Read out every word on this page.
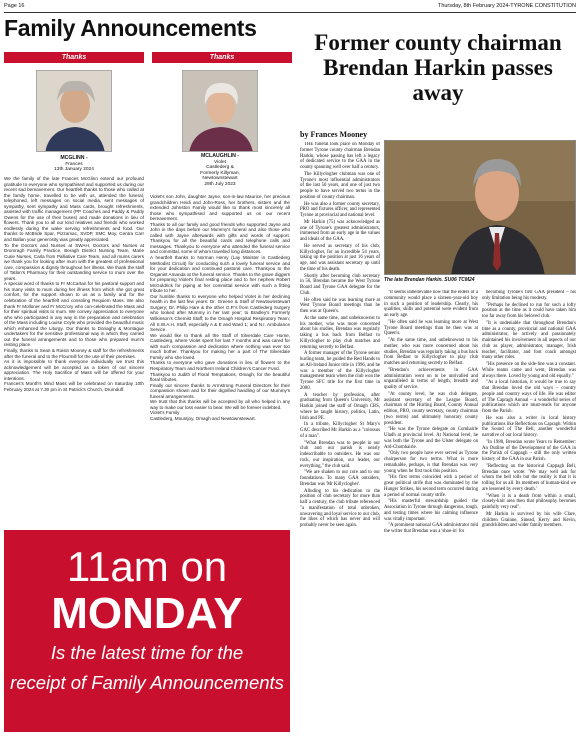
Page 16	Thursday, 8th February 2024-TYRONE CONSTITUTION
Family Announcements
Thanks	Thanks
MCGLINN -
Frances
13th January 2024

We the family of the late Frances McGlinn extend our profound gratitude to everyone who sympathised and supported us during our recent sad bereavement. Our heartfelt thanks to those who called at the family home, travelled to be with us, attended the funeral, telephoned, left messages on social media, sent messages of sympathy, sent sympathy and Mass cards, brought refreshments, assisted with traffic management (PP Coaches and Paddy & Paddy Owens for the use of their buses) and made donations in lieu of flowers. Thank you to all our kind relatives and friends who worked endlessly during the wake serving refreshments and food. Our thanks to McBride Spar, Pizzamac, SVDP, SMC Moy, Centra Carr and Ballan your generosity was greatly appreciated.

To the Doctors and Nurses at SWAH, Doctors and Nurses at Drumragh Family Practice, Beragh District Nursing Team, Marie Curie Nurses, Carla from Palliative Care Team, and all mums carers we thank you for looking after mum with the greatest of professional care, compassion & dignity throughout her illness. We thank the staff of Tatlon's Pharmacy for their outstanding service to mum over the years.

A special word of thanks to Fr McCartan for his pastoral support and his many visits to mum during her illness from which she got great comfort, for the support shown to us as a family and for the celebration of the heartfelt and consoling Requiem Mass. We also thank Fr Molloner and Fr McCrory who con-celebrated the Mass and for their spiritual visits to mum. We convey appreciation to everyone who who participated in any way in the preparation and celebration of the Mass including Louise Coyle who provided the beautiful music which enhanced the Liturgy. Our thanks to Donaghy & Montague undertakers for the sensitive professional way in which they carried out the funeral arrangements and to those who prepared mum's resting place.

Finally, thanks to Sean & Roisin Mooney & staff for the refreshments after the funeral and to the Flourmill for the use of their premises.

As it is impossible to thank everyone individually we trust this acknowledgement will be accepted as a token of our sincere appreciation. The Holy Sacrifice of Mass will be offered for your intentions.

Frances's Month's Mind Mass will be celebrated on Saturday 10th February 2024 at 7.30 pm in St Patrick's Church, Drumduff.

MCLAUGHLIN -
Violet
Castlederg &
Formerly Killyman,
Newtownstewart
29th July 2023

Violet's son John, daughter Jayne, son-in-law Maurice, her precious grandchildren Heidi and John-Ross, her brothers, sisters and the extended Johnston Family would like to thank most sincerely all those who sympathised and supported us on our recent bereavement.

Thanks to all our family and good friends who supported Jayne and John in the days before our Mummy's funeral and also those who called with Jayne afterwards with gifts and words of support. Thankyou for all the beautiful cards and telephone calls and messages. Thankyou to everyone who attended the funeral service and committal, some of whom travelled long distances.

A heartfelt thanks to Norman Henry (Lay Minister in Castlederg Methodist Circuit) for conducting such a lovely funeral service and for your dedication and continued pastoral care. Thankyou to the Organist Amanda at the funeral service. Thanks to the grave diggers for preparing Violet's final resting place and to her nephew Robert McGoldrick for piping at her committal service with such a fitting tribute to her.

Our humble thanks to everyone who helped Violet in her declining health in the last few years: Dr. Greene & Staff of Newtownstewart Surgery; Dr. Philip Hare & the other G.P.'s from Castlederg Surgery who looked after Mummy in her last year; to Bradley's Formerly Wilkinson's Chemist Staff; to the Omagh Hospital Respiratory Team; All S.W.A.H. Staff, especially A & E and Ward 1; and N.I. Ambulance Service.

We would like to thank all the Staff of Silverdale Care Home, Castlederg, where Violet spent her last 7 months and was cared for with such compassion and dedication where nothing was ever too much bother. Thankyou for making her a part of The Silverdale Family who she loved.

Thanks to everyone who gave donations in lieu of flowers to the Respiratory Team and Northern Ireland Children's Cancer Fund.

Thankyou to Judith of Floral Temptations, Omagh, for the beautiful floral tributes.

Finally our sincere thanks to Armstrong Funeral Directors for their compassion shown and for their dignified handling of our Mummy's funeral arrangements.

We trust that this thanks will be accepted by all who helped in any way to make our loss easier to bear. We will be forever indebted.

Violet's Family

Castlederg, Mountjoy, Omagh and Newtownstewart.

11am on
MONDAY
Is the latest time for the
receipt of Family Announcements
Former county chairman Brendan Harkin passes away
by Frances Mooney

THE funeral took place on Monday of former Tyrone county chairman Brendan Harkin, whose passing has left a legacy of dedicated service to the GAA in the county spanning well over half a century.

The Killyclogher clubman was one of Tyrone's most influential administrators of the last 50 years, and one of just two people to have served two terms in the position of county chairman.

He was also a former county secretary, PRO and fixtures officer, and represented Tyrone at provincial and national level.

Mr Harkin (75) was acknowledged as one of Tyrone's greatest administrators, immersed from an early age in the values and ideals of the GAA.

He served as secretary of his club, Killyclogher, for an incredible 54 years, taking up the position at just 16 years of age, and was assistant secretary up until the time of his death.

Shortly after becoming club secretary in 56, Brendan became the West Tyrone Board and Tyrone GAA delegate for the Club.

He often said he was learning more at West Tyrone Board meetings than he then was at Queen's.

At the same time, and unbeknownst to his mother, who was more concerned about his studies, Brendan was regularly taking a bus back from Belfast to Killyclogher to play club matches and returning secretly to Belfast.

A former manager of the Tyrone senior hurling team, he guided the Red Hands to an All-Ireland Junior title in 1996, and he was a member of the Killyclogher management team when the club won the Tyrone SFC title for the first time in 2000.

A teacher by profession, after graduating from Queen's University, Mr Harkin joined the staff of Omagh CBS, where he taught history, politics, Latin, Irish and PE.

In a tribute, Killyclogher St Mary's GAC described Mr Harkin as a "colossus of a man".

"What Brendan was to people in our club and our parish is nearly indescribable to outsiders. He was our rock, our inspiration, our leader, our everything," the club said.

"We are shaken to our core and to our foundations. To many GAA outsiders, Brendan was 'Mr Killyclogher'.

Alluding to his dedication to the position of club secretary for more than half a century, the club tribute referenced "a manifestation of total unbroken, unwavering and loyal service to our club, the likes of which has never and will probably never be seen again.

The late Brendan Harkin. SU06 TCM24

"It seems unbelievable now that the elders of a community would place a sixteen-year-old boy in such a position of leadership. Clearly, his qualities, skills and potential were evident from an early age.

"He often said he was learning more at West Tyrone Board meetings than he then was at Queen's.

"At the same time, and unbeknownst to his mother, who was more concerned about his studies, Brendan was regularly taking a bus back from Belfast to Killyclogher to play club matches and returning secretly to Belfast.

"Brendan's achievements in GAA administration went on to be unrivalled and unparalleled in terms of length, breadth and quality of service.

"At county level, he was club delegate, assistant secretary of the League Board, chairman of the Hurling Board, County Annual edition, PRO, county secretary, county chairman (two terms) and ultimately honorary county president.

"He was the Tyrone delegate on Comhairle Uladh at provincial level. At National level, he was both the Tyrone and the Ulster delegate on Ard-Chomhairle.

"Only two people have ever served as Tyrone chairperson for two terms. What is more remarkable, perhaps, is that Brendan was very young when he first took this position.

"His first terms coincided with a period of great political strife that was dominated by the Hunger Strikes, his second term occurred during a period of normal county strife.

"His masterful stewardship guided the Association in Tyrone through dangerous, tough, and testing times where his calming influence was vitally important.

"A prominent national GAA administrator told the writer that Brendan was a 'shoe-in' for

becoming Tyrone's first GAA president – his only limitation being his modesty.

"Perhaps he declined to run for such a lofty position at the time as it could have taken him too far away from his beloved club.

"It is undeniable that throughout Brendan's time as a county, provincial and national GAA administrator, he actively and passionately maintained his involvement in all aspects of our club as player, administrator, manager, Irish teacher, facilitator, and foot coach amongst many other roles.

"His presence on the side-line was a constant. While teams came and went, Brendan was always there. Loved by young and old equally."

"As a local historian, it would be true to say that Brendan loved the old ways – country people and country ways of life. He was editor of The Capragh Annual – a wonderful series of publications which are must-reads for anyone from the Parish.

He was also a writer in local history publications like Reflections on Capragh: Within the Sound of The Bell, another wonderful narrative of our local history.

"In 1980, Brendan wrote Years to Remember: An Outline of the Development of the GAA in the Parish of Cappagh – still the only written history of the GAA in our Parish.

"Reflecting on the historical Cappagh Bell, Brendan once wrote: 'We may well ask for whom the bell tolls but the reality is that it is tolling for us all. Its members of human-kind we are lessened by every death.'

"When it is a death from within a small, closely-knit area then that philosophy becomes painfully very real".

Mr Harkin is survived by his wife Clare, children Grainne, Sinead, Kerry and Kevin, grandchildren and wider family members.
